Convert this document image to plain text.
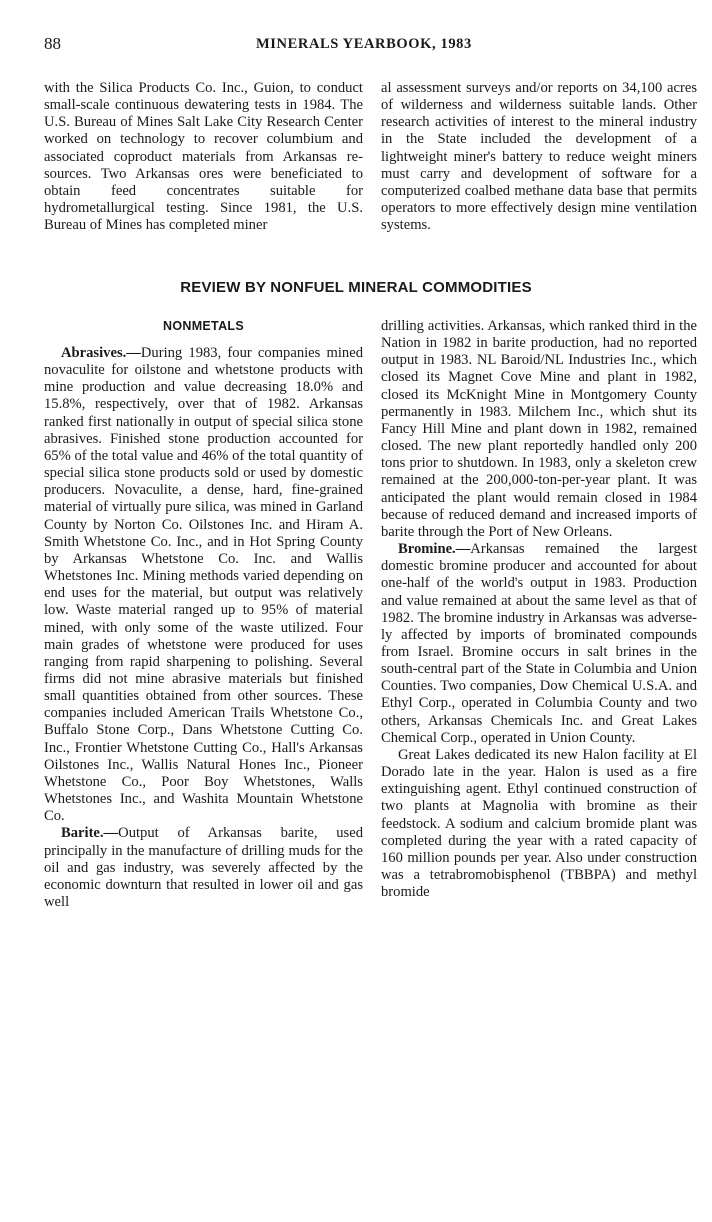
88	MINERALS YEARBOOK, 1983

with the Silica Products Co. Inc., Guion, to conduct small-scale continuous dewatering tests in 1984. The U.S. Bureau of Mines Salt Lake City Research Center worked on technology to recover columbium and associated coproduct materials from Arkansas resources. Two Arkansas ores were beneficiated to obtain feed concentrates suitable for hydrometallurgical testing. Since 1981, the U.S. Bureau of Mines has completed miner

al assessment surveys and/or reports on 34,100 acres of wilderness and wilderness suitable lands. Other research activities of interest to the mineral industry in the State included the development of a lightweight miner's battery to reduce weight miners must carry and development of software for a computerized coalbed methane data base that permits operators to more effectively design mine ventilation systems.

REVIEW BY NONFUEL MINERAL COMMODITIES
NONMETALS

Abrasives.—During 1983, four companies mined novaculite for oilstone and whetstone products with mine production and value decreasing 18.0% and 15.8%, respectively, over that of 1982. Arkansas ranked first nationally in output of special silica stone abrasives. Finished stone production accounted for 65% of the total value and 46% of the total quantity of special silica stone products sold or used by domestic producers. Novaculite, a dense, hard, fine-grained material of virtually pure silica, was mined in Garland County by Norton Co. Oilstones Inc. and Hiram A. Smith Whetstone Co. Inc., and in Hot Spring County by Arkansas Whetstone Co. Inc. and Wallis Whetstones Inc. Mining methods varied depending on end uses for the material, but output was relatively low. Waste material ranged up to 95% of material mined, with only some of the waste utilized. Four main grades of whetstone were produced for uses ranging from rapid sharpening to polishing. Several firms did not mine abrasive materials but finished small quantities obtained from other sources. These companies included American Trails Whetstone Co., Buffalo Stone Corp., Dans Whetstone Cutting Co. Inc., Frontier Whetstone Cutting Co., Hall's Arkansas Oilstones Inc., Wallis Natural Hones Inc., Pioneer Whetstone Co., Poor Boy Whetstones, Walls Whetstones Inc., and Washita Mountain Whetstone Co.

Barite.—Output of Arkansas barite, used principally in the manufacture of drilling muds for the oil and gas industry, was severely affected by the economic downturn that resulted in lower oil and gas well

drilling activities. Arkansas, which ranked third in the Nation in 1982 in barite production, had no reported output in 1983. NL Baroid/NL Industries Inc., which closed its Magnet Cove Mine and plant in 1982, closed its McKnight Mine in Montgomery County permanently in 1983. Milchem Inc., which shut its Fancy Hill Mine and plant down in 1982, remained closed. The new plant reportedly handled only 200 tons prior to shutdown. In 1983, only a skeleton crew remained at the 200,000-ton-per-year plant. It was anticipated the plant would remain closed in 1984 because of reduced demand and increased imports of barite through the Port of New Orleans.

Bromine.—Arkansas remained the largest domestic bromine producer and accounted for about one-half of the world's output in 1983. Production and value remained at about the same level as that of 1982. The bromine industry in Arkansas was adversely affected by imports of brominated compounds from Israel. Bromine occurs in salt brines in the south-central part of the State in Columbia and Union Counties. Two companies, Dow Chemical U.S.A. and Ethyl Corp., operated in Columbia County and two others, Arkansas Chemicals Inc. and Great Lakes Chemical Corp., operated in Union County.

Great Lakes dedicated its new Halon facility at El Dorado late in the year. Halon is used as a fire extinguishing agent. Ethyl continued construction of two plants at Magnolia with bromine as their feedstock. A sodium and calcium bromide plant was completed during the year with a rated capacity of 160 million pounds per year. Also under construction was a tetrabromobisphenol (TBBPA) and methyl bromide
